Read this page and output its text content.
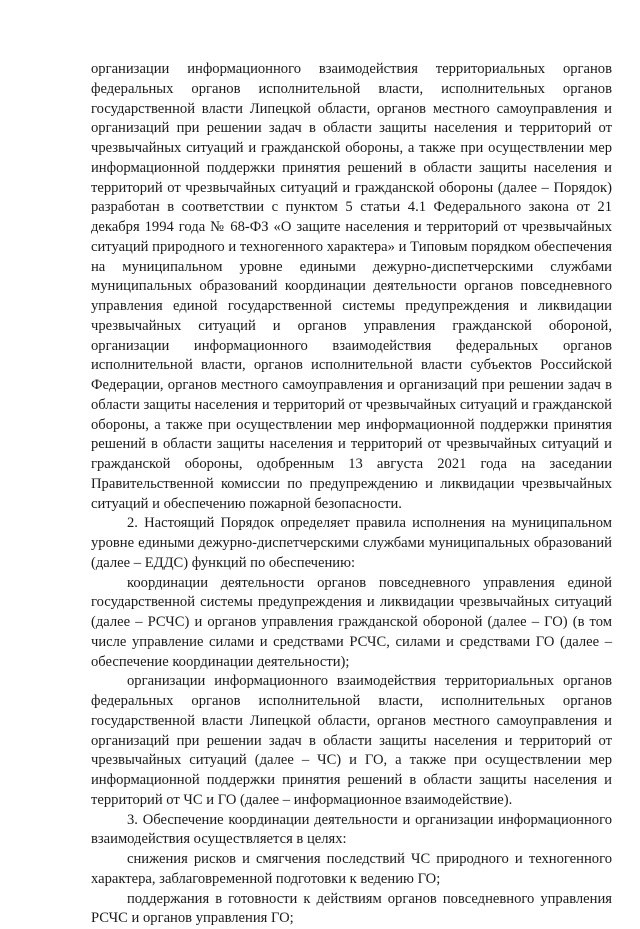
организации информационного взаимодействия территориальных органов федеральных органов исполнительной власти, исполнительных органов государственной власти Липецкой области, органов местного самоуправления и организаций при решении задач в области защиты населения и территорий от чрезвычайных ситуаций и гражданской обороны, а также при осуществлении мер информационной поддержки принятия решений в области защиты населения и территорий от чрезвычайных ситуаций и гражданской обороны (далее – Порядок) разработан в соответствии с пунктом 5 статьи 4.1 Федерального закона от 21 декабря 1994 года № 68-ФЗ «О защите населения и территорий от чрезвычайных ситуаций природного и техногенного характера» и Типовым порядком обеспечения на муниципальном уровне едиными дежурно-диспетчерскими службами муниципальных образований координации деятельности органов повседневного управления единой государственной системы предупреждения и ликвидации чрезвычайных ситуаций и органов управления гражданской обороной, организации информационного взаимодействия федеральных органов исполнительной власти, органов исполнительной власти субъектов Российской Федерации, органов местного самоуправления и организаций при решении задач в области защиты населения и территорий от чрезвычайных ситуаций и гражданской обороны, а также при осуществлении мер информационной поддержки принятия решений в области защиты населения и территорий от чрезвычайных ситуаций и гражданской обороны, одобренным 13 августа 2021 года на заседании Правительственной комиссии по предупреждению и ликвидации чрезвычайных ситуаций и обеспечению пожарной безопасности.

2. Настоящий Порядок определяет правила исполнения на муниципальном уровне едиными дежурно-диспетчерскими службами муниципальных образований (далее – ЕДДС) функций по обеспечению:

координации деятельности органов повседневного управления единой государственной системы предупреждения и ликвидации чрезвычайных ситуаций (далее – РСЧС) и органов управления гражданской обороной (далее – ГО) (в том числе управление силами и средствами РСЧС, силами и средствами ГО (далее – обеспечение координации деятельности);

организации информационного взаимодействия территориальных органов федеральных органов исполнительной власти, исполнительных органов государственной власти Липецкой области, органов местного самоуправления и организаций при решении задач в области защиты населения и территорий от чрезвычайных ситуаций (далее – ЧС) и ГО, а также при осуществлении мер информационной поддержки принятия решений в области защиты населения и территорий от ЧС и ГО (далее – информационное взаимодействие).

3. Обеспечение координации деятельности и организации информационного взаимодействия осуществляется в целях:

снижения рисков и смягчения последствий ЧС природного и техногенного характера, заблаговременной подготовки к ведению ГО;

поддержания в готовности к действиям органов повседневного управления РСЧС и органов управления ГО;
